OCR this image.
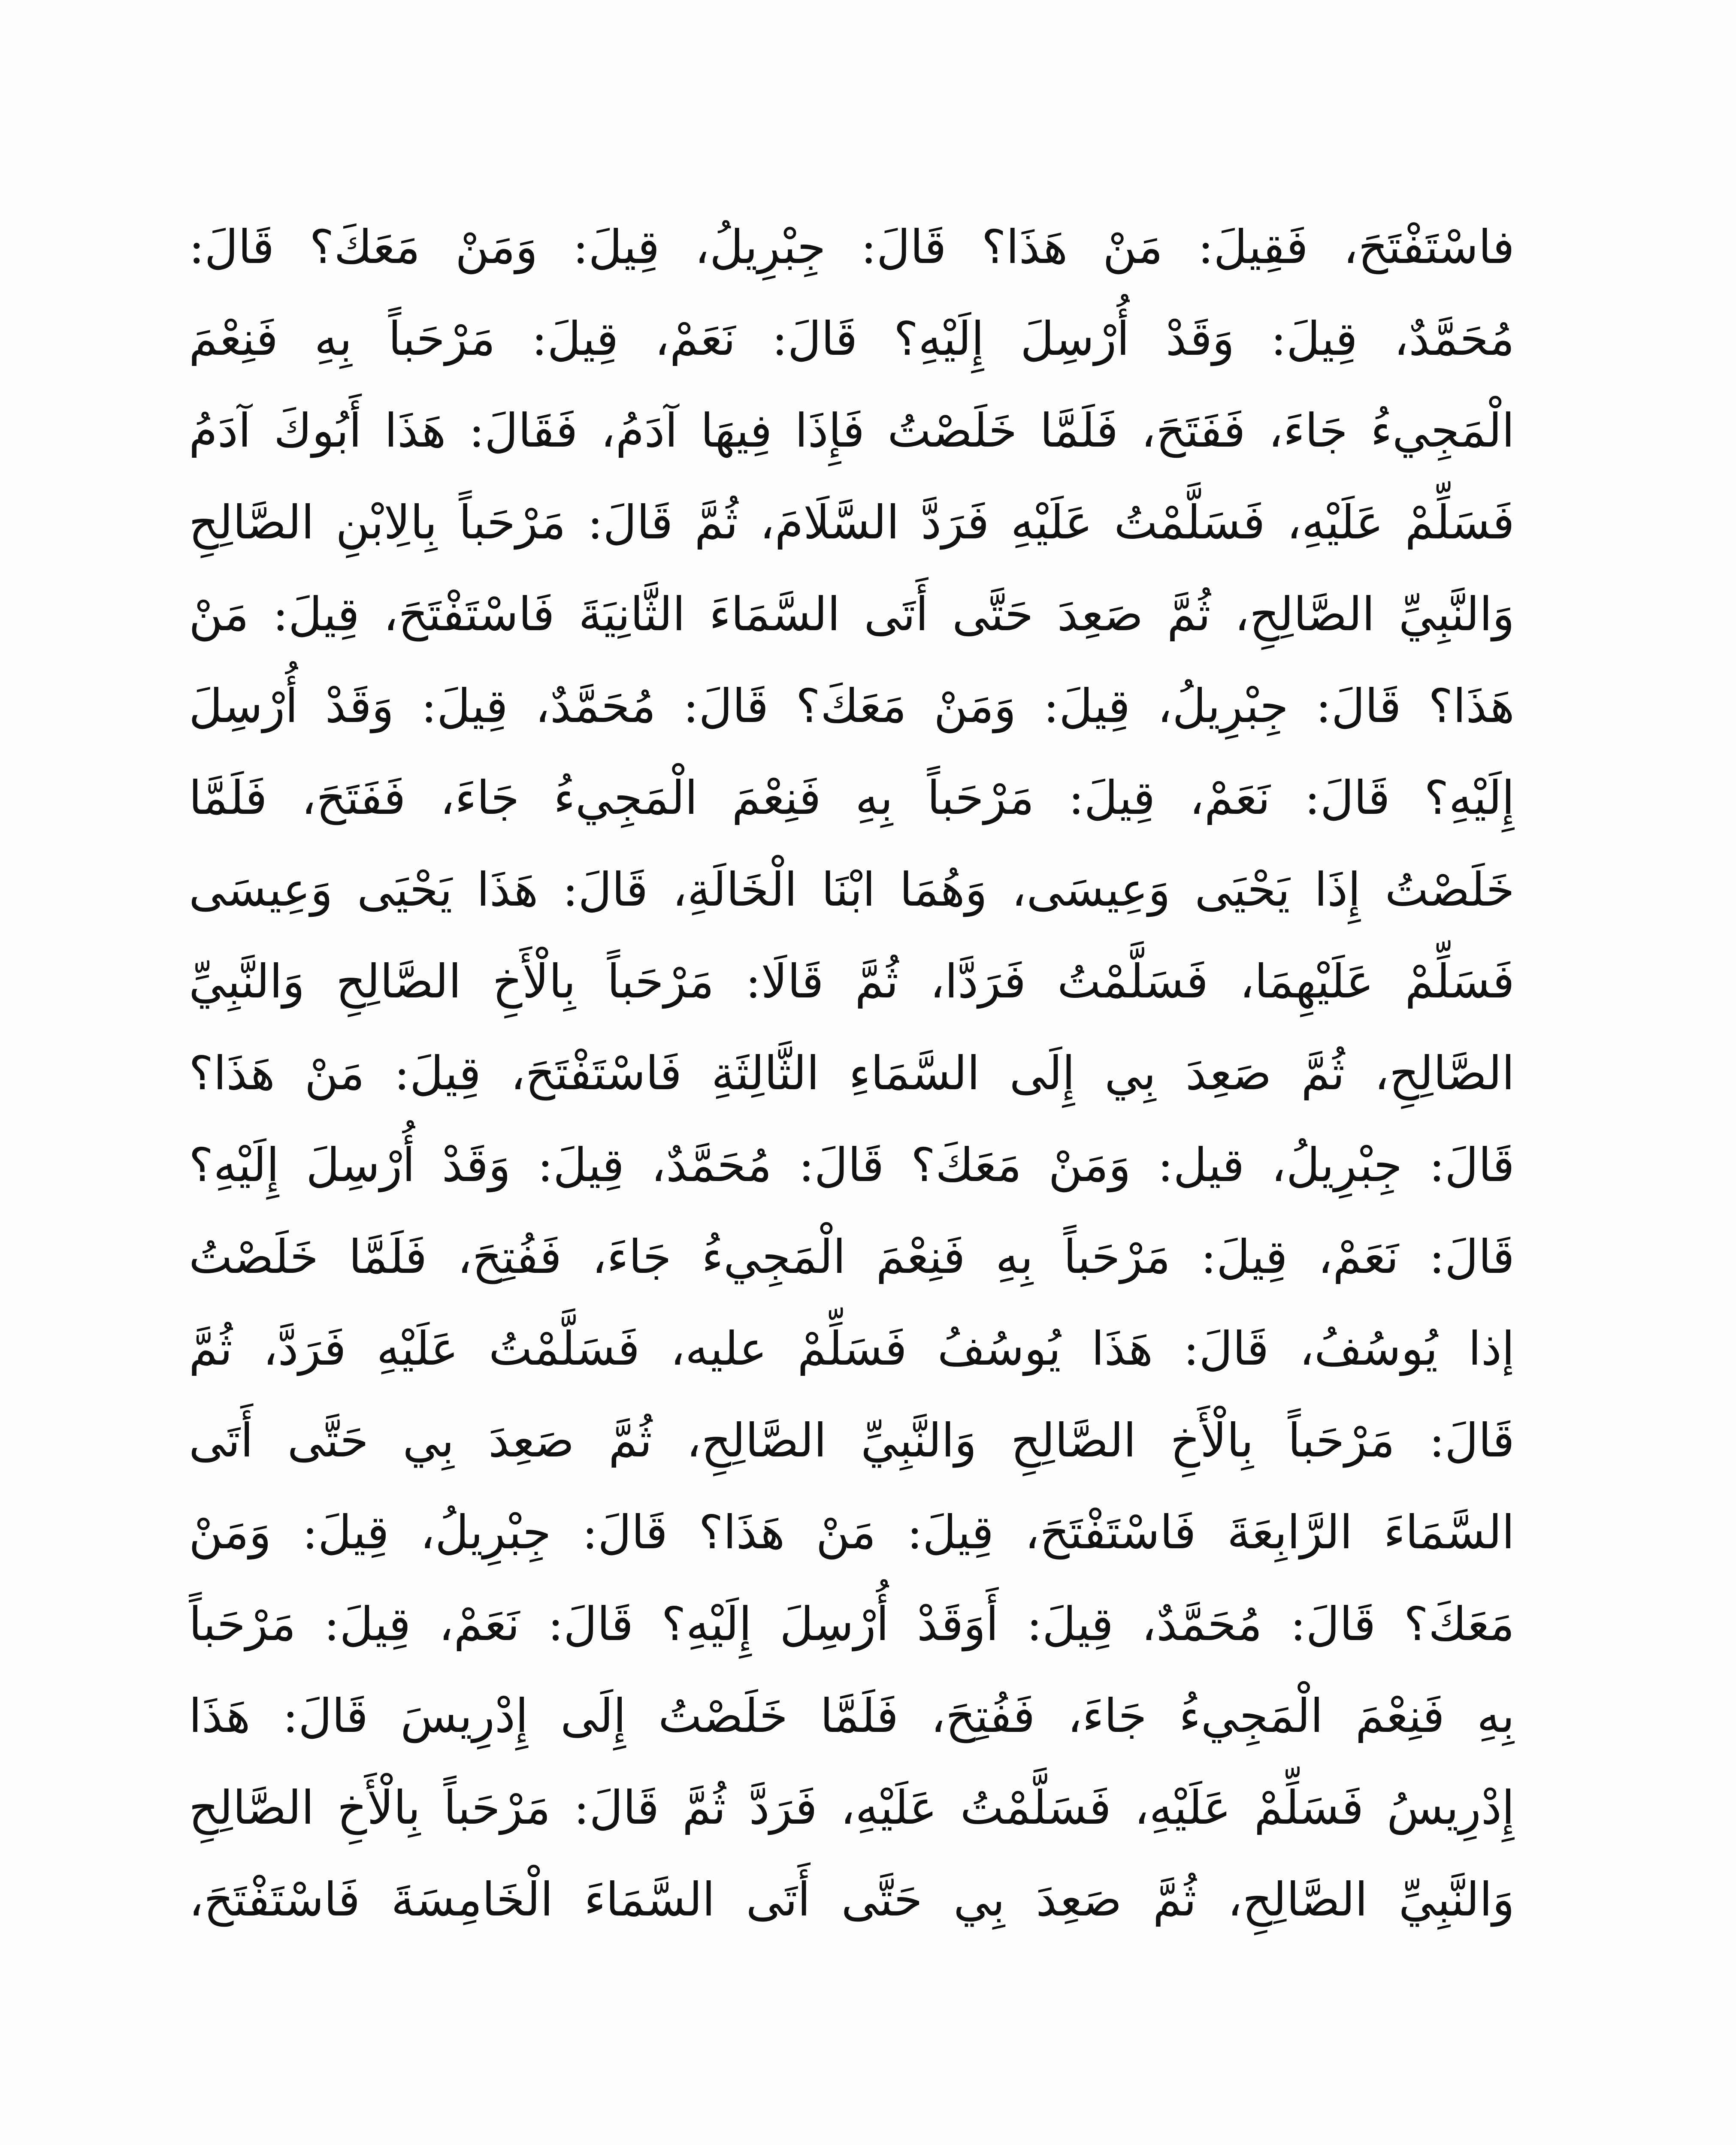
فاسْتَفْتَحَ، فَقِيلَ: مَنْ هَذَا؟ قَالَ: جِبْرِيلُ، قِيلَ: وَمَنْ مَعَكَ؟ قَالَ:
مُحَمَّدٌ، قِيلَ: وَقَدْ أُرْسِلَ إِلَيْهِ؟ قَالَ: نَعَمْ، قِيلَ: مَرْحَباً بِهِ فَنِعْمَ
الْمَجِيءُ جَاءَ، فَفَتَحَ، فَلَمَّا خَلَصْتُ فَإِذَا فِيهَا آدَمُ، فَقَالَ: هَذَا أَبُوكَ آدَمُ
فَسَلِّمْ عَلَيْهِ، فَسَلَّمْتُ عَلَيْهِ فَرَدَّ السَّلَامَ، ثُمَّ قَالَ: مَرْحَباً بِالِابْنِ الصَّالِحِ
وَالنَّبِيِّ الصَّالِحِ، ثُمَّ صَعِدَ حَتَّى أَتَى السَّمَاءَ الثَّانِيَةَ فَاسْتَفْتَحَ، قِيلَ: مَنْ
هَذَا؟ قَالَ: جِبْرِيلُ، قِيلَ: وَمَنْ مَعَكَ؟ قَالَ: مُحَمَّدٌ، قِيلَ: وَقَدْ أُرْسِلَ
إِلَيْهِ؟ قَالَ: نَعَمْ، قِيلَ: مَرْحَباً بِهِ فَنِعْمَ الْمَجِيءُ جَاءَ، فَفَتَحَ، فَلَمَّا
خَلَصْتُ إِذَا يَحْيَى وَعِيسَى، وَهُمَا ابْنَا الْخَالَةِ، قَالَ: هَذَا يَحْيَى وَعِيسَى
فَسَلِّمْ عَلَيْهِمَا، فَسَلَّمْتُ فَرَدَّا، ثُمَّ قَالَا: مَرْحَباً بِالْأَخِ الصَّالِحِ وَالنَّبِيِّ
الصَّالِحِ، ثُمَّ صَعِدَ بِي إِلَى السَّمَاءِ الثَّالِثَةِ فَاسْتَفْتَحَ، قِيلَ: مَنْ هَذَا؟
قَالَ: جِبْرِيلُ، قيل: وَمَنْ مَعَكَ؟ قَالَ: مُحَمَّدٌ، قِيلَ: وَقَدْ أُرْسِلَ إِلَيْهِ؟
قَالَ: نَعَمْ، قِيلَ: مَرْحَباً بِهِ فَنِعْمَ الْمَجِيءُ جَاءَ، فَفُتِحَ، فَلَمَّا خَلَصْتُ
إذا يُوسُفُ، قَالَ: هَذَا يُوسُفُ فَسَلِّمْ عليه، فَسَلَّمْتُ عَلَيْهِ فَرَدَّ، ثُمَّ
قَالَ: مَرْحَباً بِالْأَخِ الصَّالِحِ وَالنَّبِيِّ الصَّالِحِ، ثُمَّ صَعِدَ بِي حَتَّى أَتَى
السَّمَاءَ الرَّابِعَةَ فَاسْتَفْتَحَ، قِيلَ: مَنْ هَذَا؟ قَالَ: جِبْرِيلُ، قِيلَ: وَمَنْ
مَعَكَ؟ قَالَ: مُحَمَّدٌ، قِيلَ: أَوَقَدْ أُرْسِلَ إِلَيْهِ؟ قَالَ: نَعَمْ، قِيلَ: مَرْحَباً
بِهِ فَنِعْمَ الْمَجِيءُ جَاءَ، فَفُتِحَ، فَلَمَّا خَلَصْتُ إِلَى إِدْرِيسَ قَالَ: هَذَا
إِدْرِيسُ فَسَلِّمْ عَلَيْهِ، فَسَلَّمْتُ عَلَيْهِ، فَرَدَّ ثُمَّ قَالَ: مَرْحَباً بِالْأَخِ الصَّالِحِ
وَالنَّبِيِّ الصَّالِحِ، ثُمَّ صَعِدَ بِي حَتَّى أَتَى السَّمَاءَ الْخَامِسَةَ فَاسْتَفْتَحَ،
